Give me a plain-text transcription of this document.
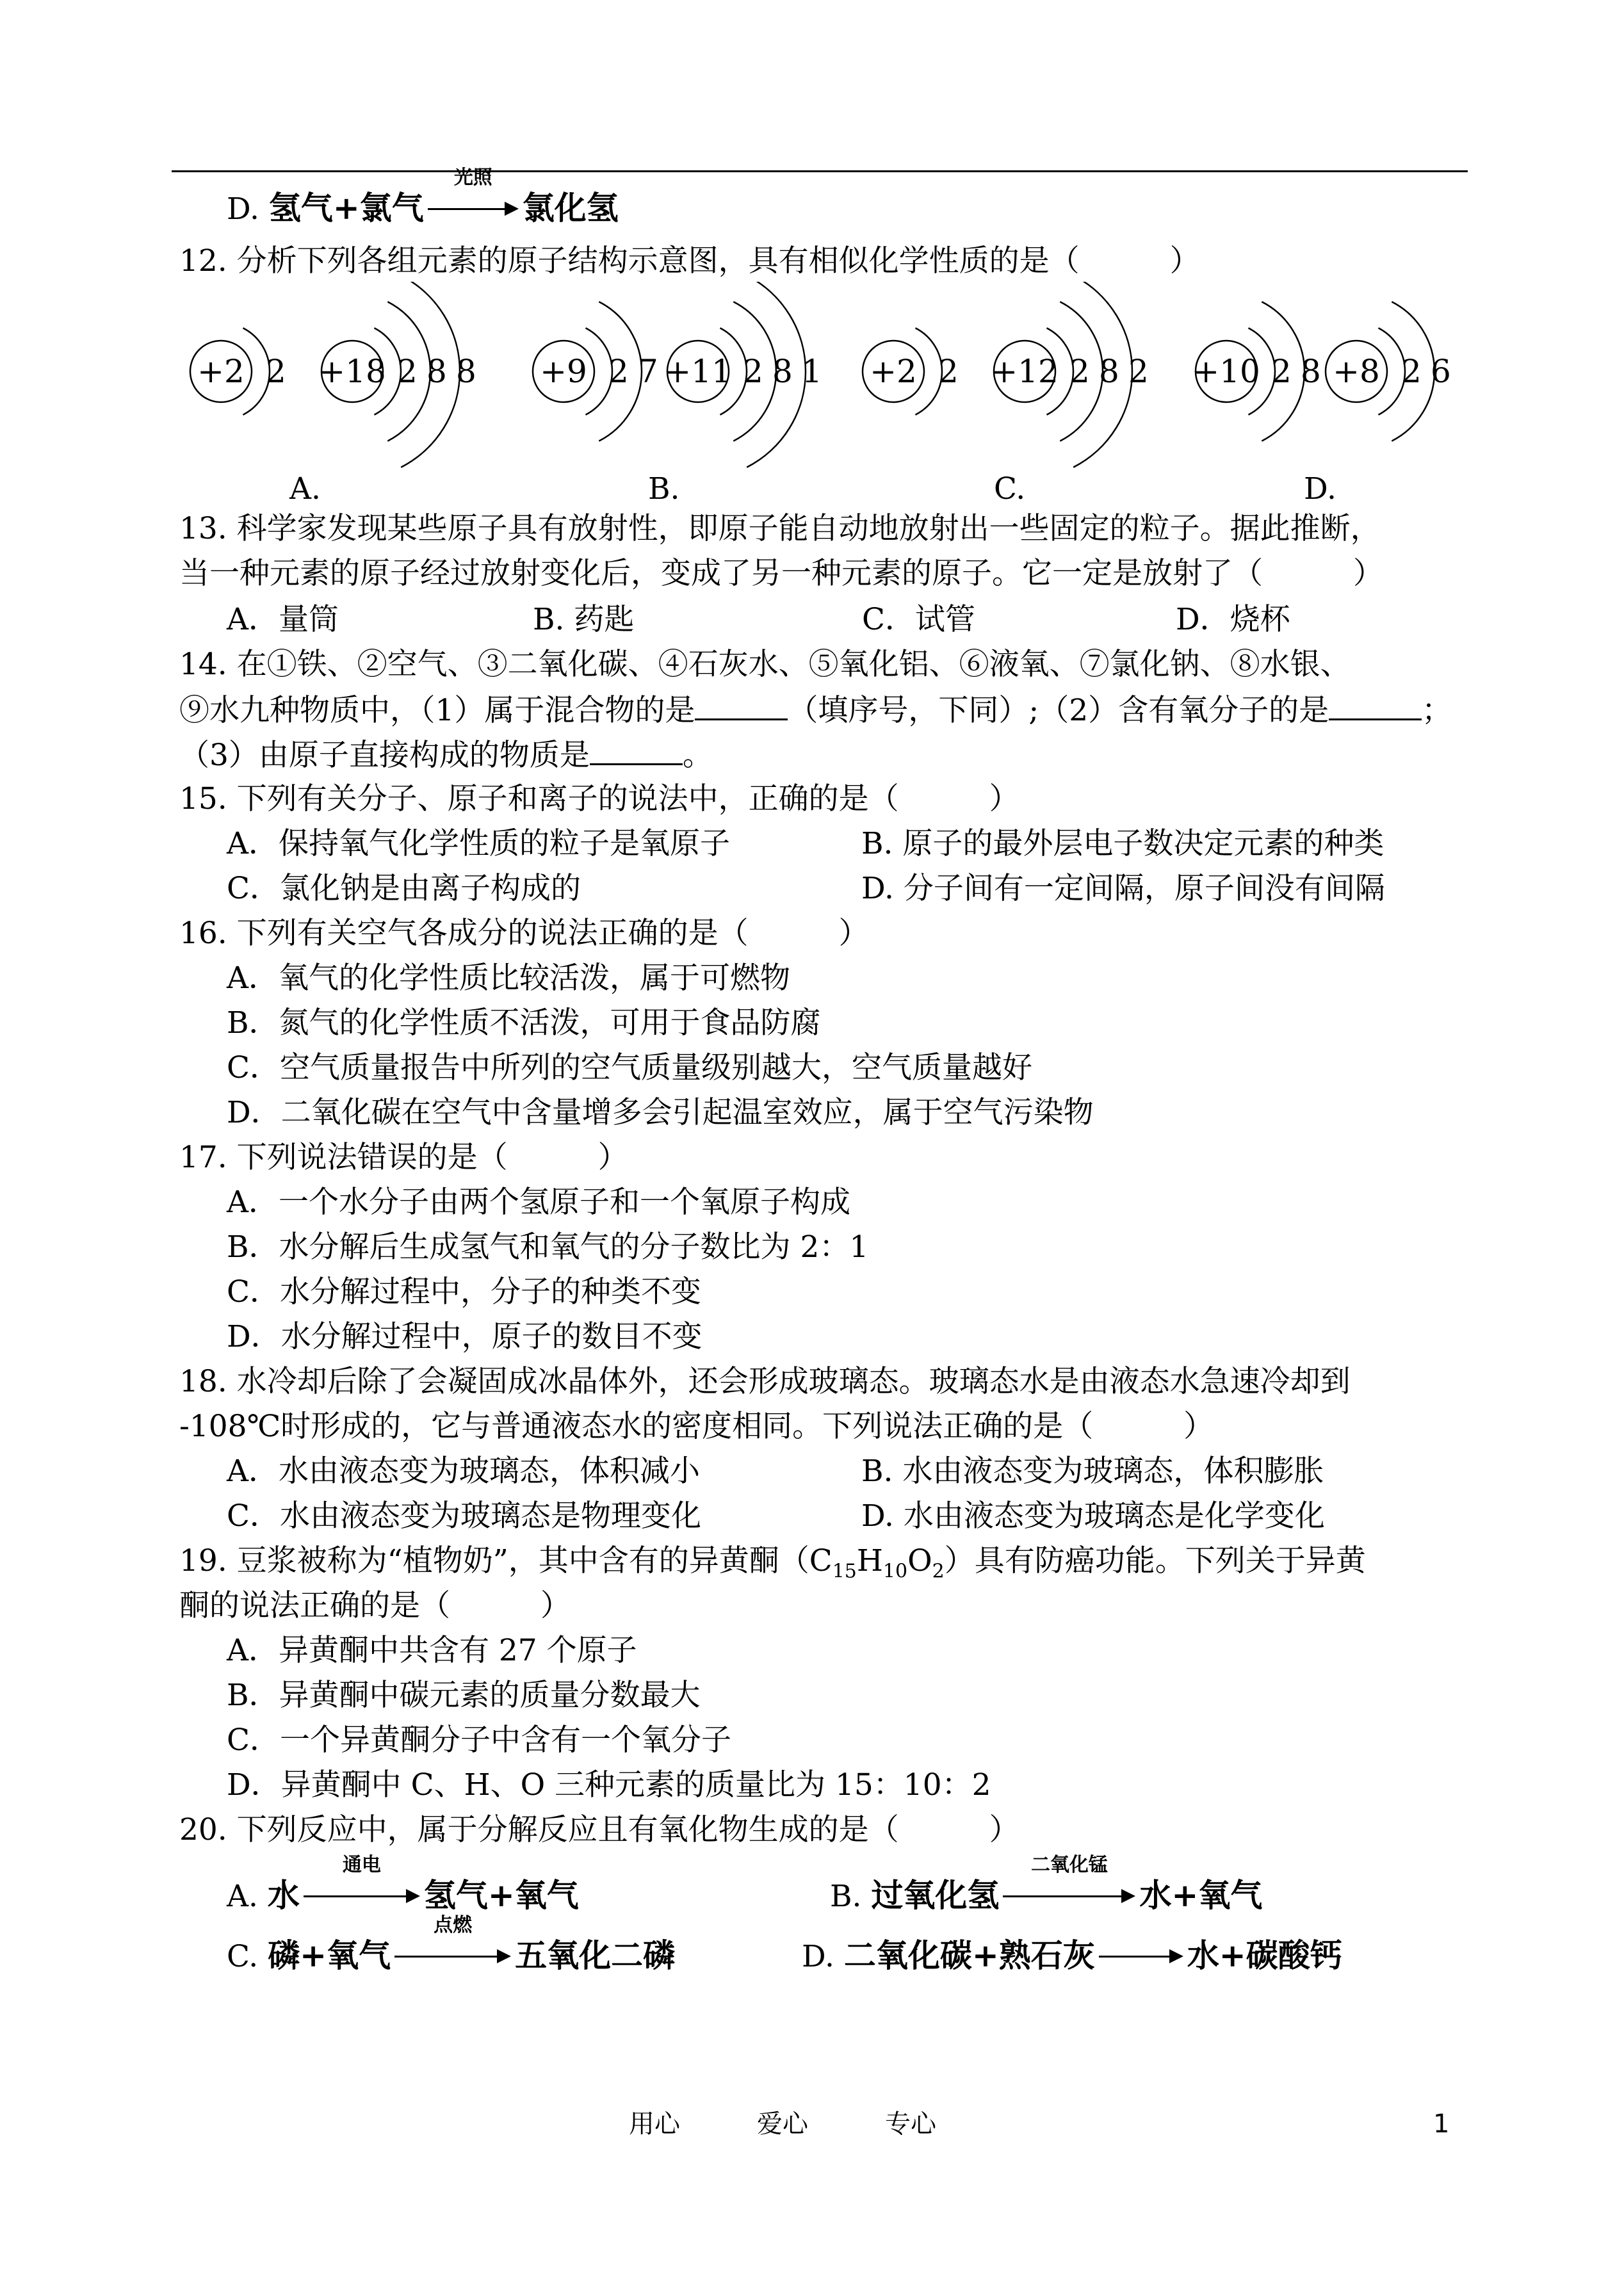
D. 氢气+氯气
光照
氯化氢
12. 分析下列各组元素的原子结构示意图，具有相似化学性质的是（　　　）
+2 2 +18 2 8 8 +9 2 7 +11 2 8 1 +2 2 +12 2 8 2 +10 2 8 +8 2 6
A.	B.	C.	D.
13. 科学家发现某些原子具有放射性，即原子能自动地放射出一些固定的粒子。据此推断，
当一种元素的原子经过放射变化后，变成了另一种元素的原子。它一定是放射了（　　　）
A．量筒	B. 药匙	C．试管	D．烧杯
14. 在①铁、②空气、③二氧化碳、④石灰水、⑤氧化铝、⑥液氧、⑦氯化钠、⑧水银、
⑨水九种物质中，（1）属于混合物的是	（填序号，下同）;（2）含有氧分子的是	；
（3）由原子直接构成的物质是	。
15. 下列有关分子、原子和离子的说法中，正确的是（　　　）
A．保持氧气化学性质的粒子是氧原子	B. 原子的最外层电子数决定元素的种类
C．氯化钠是由离子构成的	D. 分子间有一定间隔，原子间没有间隔
16. 下列有关空气各成分的说法正确的是（　　　）
A．氧气的化学性质比较活泼，属于可燃物
B．氮气的化学性质不活泼，可用于食品防腐
C．空气质量报告中所列的空气质量级别越大，空气质量越好
D．二氧化碳在空气中含量增多会引起温室效应，属于空气污染物
17. 下列说法错误的是（　　　）
A．一个水分子由两个氢原子和一个氧原子构成
B．水分解后生成氢气和氧气的分子数比为 2：1
C．水分解过程中，分子的种类不变
D．水分解过程中，原子的数目不变
18. 水冷却后除了会凝固成冰晶体外，还会形成玻璃态。玻璃态水是由液态水急速冷却到
-108℃时形成的，它与普通液态水的密度相同。下列说法正确的是（　　　）
A．水由液态变为玻璃态，体积减小	B. 水由液态变为玻璃态，体积膨胀
C．水由液态变为玻璃态是物理变化	D. 水由液态变为玻璃态是化学变化
19. 豆浆被称为“植物奶”，其中含有的异黄酮$(C_{15}H_{10}O_2)$具有防癌功能。下列关于异黄
酮的说法正确的是（　　　）
A．异黄酮中共含有 27 个原子
B．异黄酮中碳元素的质量分数最大
C．一个异黄酮分子中含有一个氧分子
D．异黄酮中 C、H、O 三种元素的质量比为 15：10：2
20. 下列反应中，属于分解反应且有氧化物生成的是（　　　）
A. 水
通电
氢气+氧气	B. 过氧化氢
二氧化锰
水+氧气
C. 磷+氧气
点燃
五氧化二磷	D. 二氧化碳+熟石灰	水+碳酸钙
用心	爱心	专心	1
